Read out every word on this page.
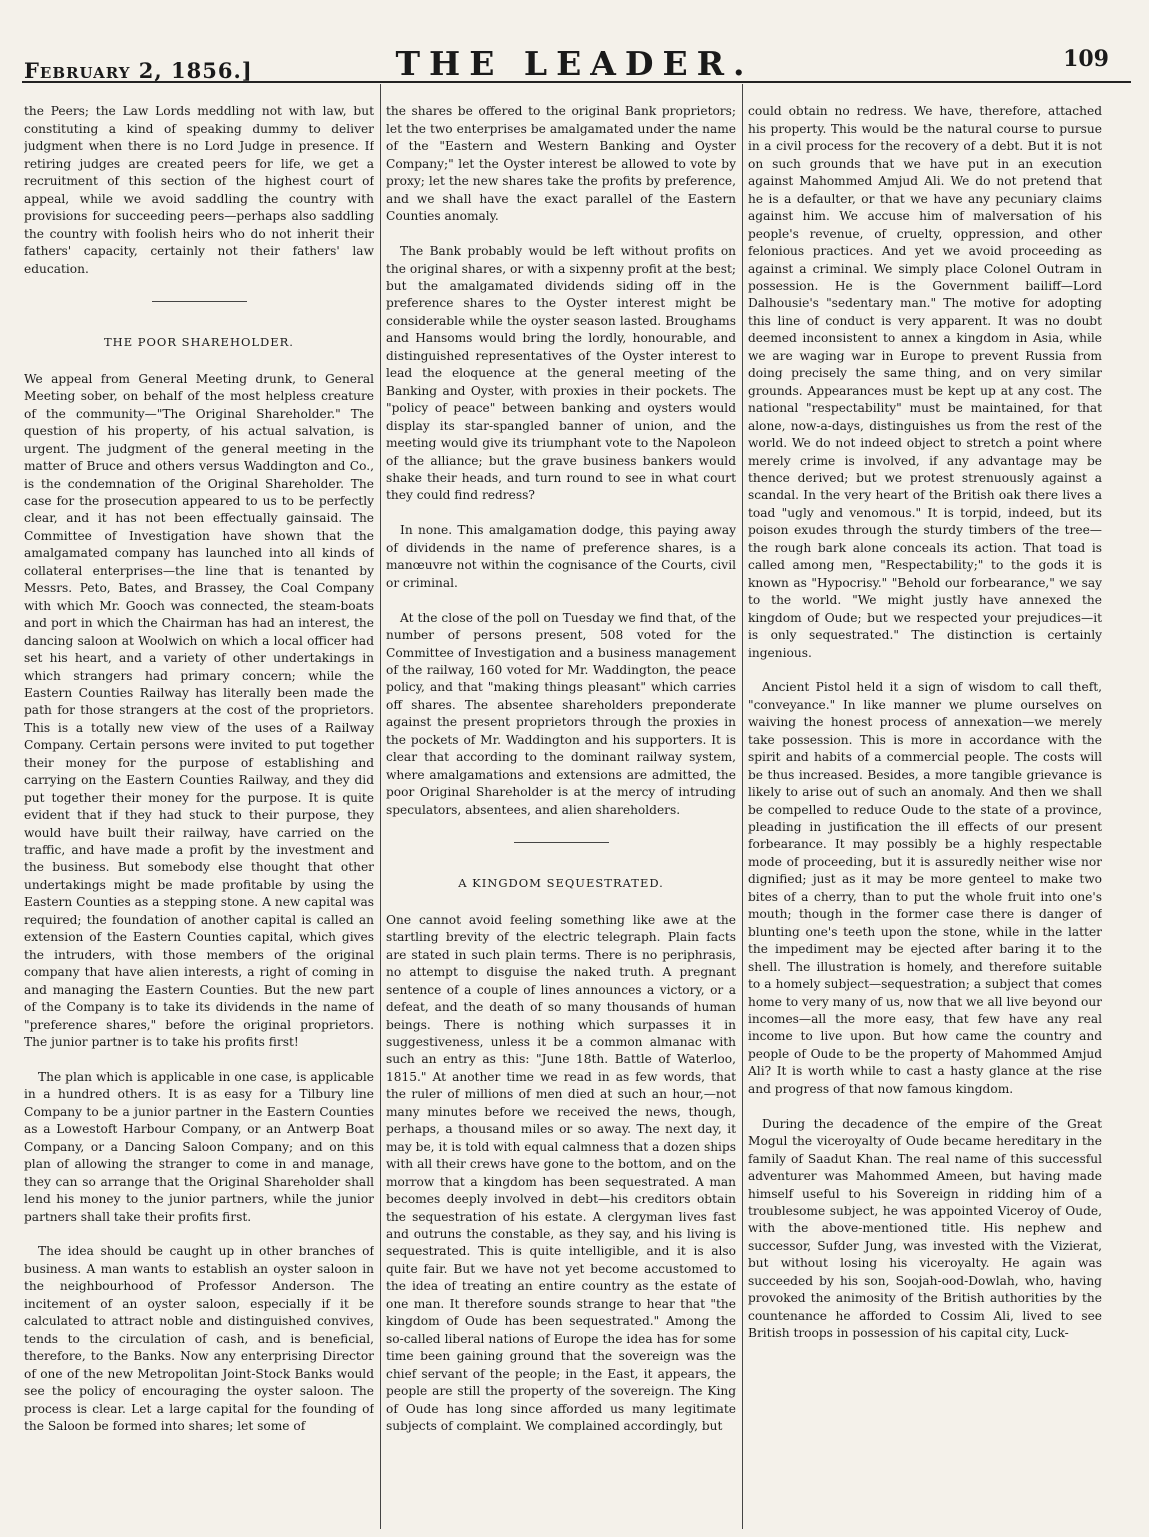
February 2, 1856.]	THE LEADER.	109

the Peers; the Law Lords meddling not with law, but constituting a kind of speaking dummy to deliver judgment when there is no Lord Judge in presence. If retiring judges are created peers for life, we get a recruitment of this section of the highest court of appeal, while we avoid saddling the country with provisions for succeeding peers—perhaps also saddling the country with foolish heirs who do not inherit their fathers' capacity, certainly not their fathers' law education.

THE POOR SHAREHOLDER.

We appeal from General Meeting drunk, to General Meeting sober, on behalf of the most helpless creature of the community—"The Original Shareholder." The question of his property, of his actual salvation, is urgent. The judgment of the general meeting in the matter of Bruce and others versus Waddington and Co., is the condemnation of the Original Shareholder. The case for the prosecution appeared to us to be perfectly clear, and it has not been effectually gainsaid. The Committee of Investigation have shown that the amalgamated company has launched into all kinds of collateral enterprises—the line that is tenanted by Messrs. Peto, Bates, and Brassey, the Coal Company with which Mr. Gooch was connected, the steam-boats and port in which the Chairman has had an interest, the dancing saloon at Woolwich on which a local officer had set his heart, and a variety of other undertakings in which strangers had primary concern; while the Eastern Counties Railway has literally been made the path for those strangers at the cost of the proprietors. This is a totally new view of the uses of a Railway Company. Certain persons were invited to put together their money for the purpose of establishing and carrying on the Eastern Counties Railway, and they did put together their money for the purpose. It is quite evident that if they had stuck to their purpose, they would have built their railway, have carried on the traffic, and have made a profit by the investment and the business. But somebody else thought that other undertakings might be made profitable by using the Eastern Counties as a stepping stone. A new capital was required; the foundation of another capital is called an extension of the Eastern Counties capital, which gives the intruders, with those members of the original company that have alien interests, a right of coming in and managing the Eastern Counties. But the new part of the Company is to take its dividends in the name of "preference shares," before the original proprietors. The junior partner is to take his profits first!

The plan which is applicable in one case, is applicable in a hundred others. It is as easy for a Tilbury line Company to be a junior partner in the Eastern Counties as a Lowestoft Harbour Company, or an Antwerp Boat Company, or a Dancing Saloon Company; and on this plan of allowing the stranger to come in and manage, they can so arrange that the Original Shareholder shall lend his money to the junior partners, while the junior partners shall take their profits first.

The idea should be caught up in other branches of business. A man wants to establish an oyster saloon in the neighbourhood of Professor Anderson. The incitement of an oyster saloon, especially if it be calculated to attract noble and distinguished convives, tends to the circulation of cash, and is beneficial, therefore, to the Banks. Now any enterprising Director of one of the new Metropolitan Joint-Stock Banks would see the policy of encouraging the oyster saloon. The process is clear. Let a large capital for the founding of the Saloon be formed into shares; let some of

the shares be offered to the original Bank proprietors; let the two enterprises be amalgamated under the name of the "Eastern and Western Banking and Oyster Company;" let the Oyster interest be allowed to vote by proxy; let the new shares take the profits by preference, and we shall have the exact parallel of the Eastern Counties anomaly.

The Bank probably would be left without profits on the original shares, or with a sixpenny profit at the best; but the amalgamated dividends siding off in the preference shares to the Oyster interest might be considerable while the oyster season lasted. Broughams and Hansoms would bring the lordly, honourable, and distinguished representatives of the Oyster interest to lead the eloquence at the general meeting of the Banking and Oyster, with proxies in their pockets. The "policy of peace" between banking and oysters would display its star-spangled banner of union, and the meeting would give its triumphant vote to the Napoleon of the alliance; but the grave business bankers would shake their heads, and turn round to see in what court they could find redress?

In none. This amalgamation dodge, this paying away of dividends in the name of preference shares, is a manœuvre not within the cognisance of the Courts, civil or criminal.

At the close of the poll on Tuesday we find that, of the number of persons present, 508 voted for the Committee of Investigation and a business management of the railway, 160 voted for Mr. Waddington, the peace policy, and that "making things pleasant" which carries off shares. The absentee shareholders preponderate against the present proprietors through the proxies in the pockets of Mr. Waddington and his supporters. It is clear that according to the dominant railway system, where amalgamations and extensions are admitted, the poor Original Shareholder is at the mercy of intruding speculators, absentees, and alien shareholders.

A KINGDOM SEQUESTRATED.

One cannot avoid feeling something like awe at the startling brevity of the electric telegraph. Plain facts are stated in such plain terms. There is no periphrasis, no attempt to disguise the naked truth. A pregnant sentence of a couple of lines announces a victory, or a defeat, and the death of so many thousands of human beings. There is nothing which surpasses it in suggestiveness, unless it be a common almanac with such an entry as this: "June 18th. Battle of Waterloo, 1815." At another time we read in as few words, that the ruler of millions of men died at such an hour,—not many minutes before we received the news, though, perhaps, a thousand miles or so away. The next day, it may be, it is told with equal calmness that a dozen ships with all their crews have gone to the bottom, and on the morrow that a kingdom has been sequestrated. A man becomes deeply involved in debt—his creditors obtain the sequestration of his estate. A clergyman lives fast and outruns the constable, as they say, and his living is sequestrated. This is quite intelligible, and it is also quite fair. But we have not yet become accustomed to the idea of treating an entire country as the estate of one man. It therefore sounds strange to hear that "the kingdom of Oude has been sequestrated." Among the so-called liberal nations of Europe the idea has for some time been gaining ground that the sovereign was the chief servant of the people; in the East, it appears, the people are still the property of the sovereign. The King of Oude has long since afforded us many legitimate subjects of complaint. We complained accordingly, but

could obtain no redress. We have, therefore, attached his property. This would be the natural course to pursue in a civil process for the recovery of a debt. But it is not on such grounds that we have put in an execution against Mahommed Amjud Ali. We do not pretend that he is a defaulter, or that we have any pecuniary claims against him. We accuse him of malversation of his people's revenue, of cruelty, oppression, and other felonious practices. And yet we avoid proceeding as against a criminal. We simply place Colonel Outram in possession. He is the Government bailiff—Lord Dalhousie's "sedentary man." The motive for adopting this line of conduct is very apparent. It was no doubt deemed inconsistent to annex a kingdom in Asia, while we are waging war in Europe to prevent Russia from doing precisely the same thing, and on very similar grounds. Appearances must be kept up at any cost. The national "respectability" must be maintained, for that alone, now-a-days, distinguishes us from the rest of the world. We do not indeed object to stretch a point where merely crime is involved, if any advantage may be thence derived; but we protest strenuously against a scandal. In the very heart of the British oak there lives a toad "ugly and venomous." It is torpid, indeed, but its poison exudes through the sturdy timbers of the tree—the rough bark alone conceals its action. That toad is called among men, "Respectability;" to the gods it is known as "Hypocrisy." "Behold our forbearance," we say to the world. "We might justly have annexed the kingdom of Oude; but we respected your prejudices—it is only sequestrated." The distinction is certainly ingenious.

Ancient Pistol held it a sign of wisdom to call theft, "conveyance." In like manner we plume ourselves on waiving the honest process of annexation—we merely take possession. This is more in accordance with the spirit and habits of a commercial people. The costs will be thus increased. Besides, a more tangible grievance is likely to arise out of such an anomaly. And then we shall be compelled to reduce Oude to the state of a province, pleading in justification the ill effects of our present forbearance. It may possibly be a highly respectable mode of proceeding, but it is assuredly neither wise nor dignified; just as it may be more genteel to make two bites of a cherry, than to put the whole fruit into one's mouth; though in the former case there is danger of blunting one's teeth upon the stone, while in the latter the impediment may be ejected after baring it to the shell. The illustration is homely, and therefore suitable to a homely subject—sequestration; a subject that comes home to very many of us, now that we all live beyond our incomes—all the more easy, that few have any real income to live upon. But how came the country and people of Oude to be the property of Mahommed Amjud Ali? It is worth while to cast a hasty glance at the rise and progress of that now famous kingdom.

During the decadence of the empire of the Great Mogul the viceroyalty of Oude became hereditary in the family of Saadut Khan. The real name of this successful adventurer was Mahommed Ameen, but having made himself useful to his Sovereign in ridding him of a troublesome subject, he was appointed Viceroy of Oude, with the above-mentioned title. His nephew and successor, Sufder Jung, was invested with the Vizierat, but without losing his viceroyalty. He again was succeeded by his son, Soojah-ood-Dowlah, who, having provoked the animosity of the British authorities by the countenance he afforded to Cossim Ali, lived to see British troops in possession of his capital city, Luck-
